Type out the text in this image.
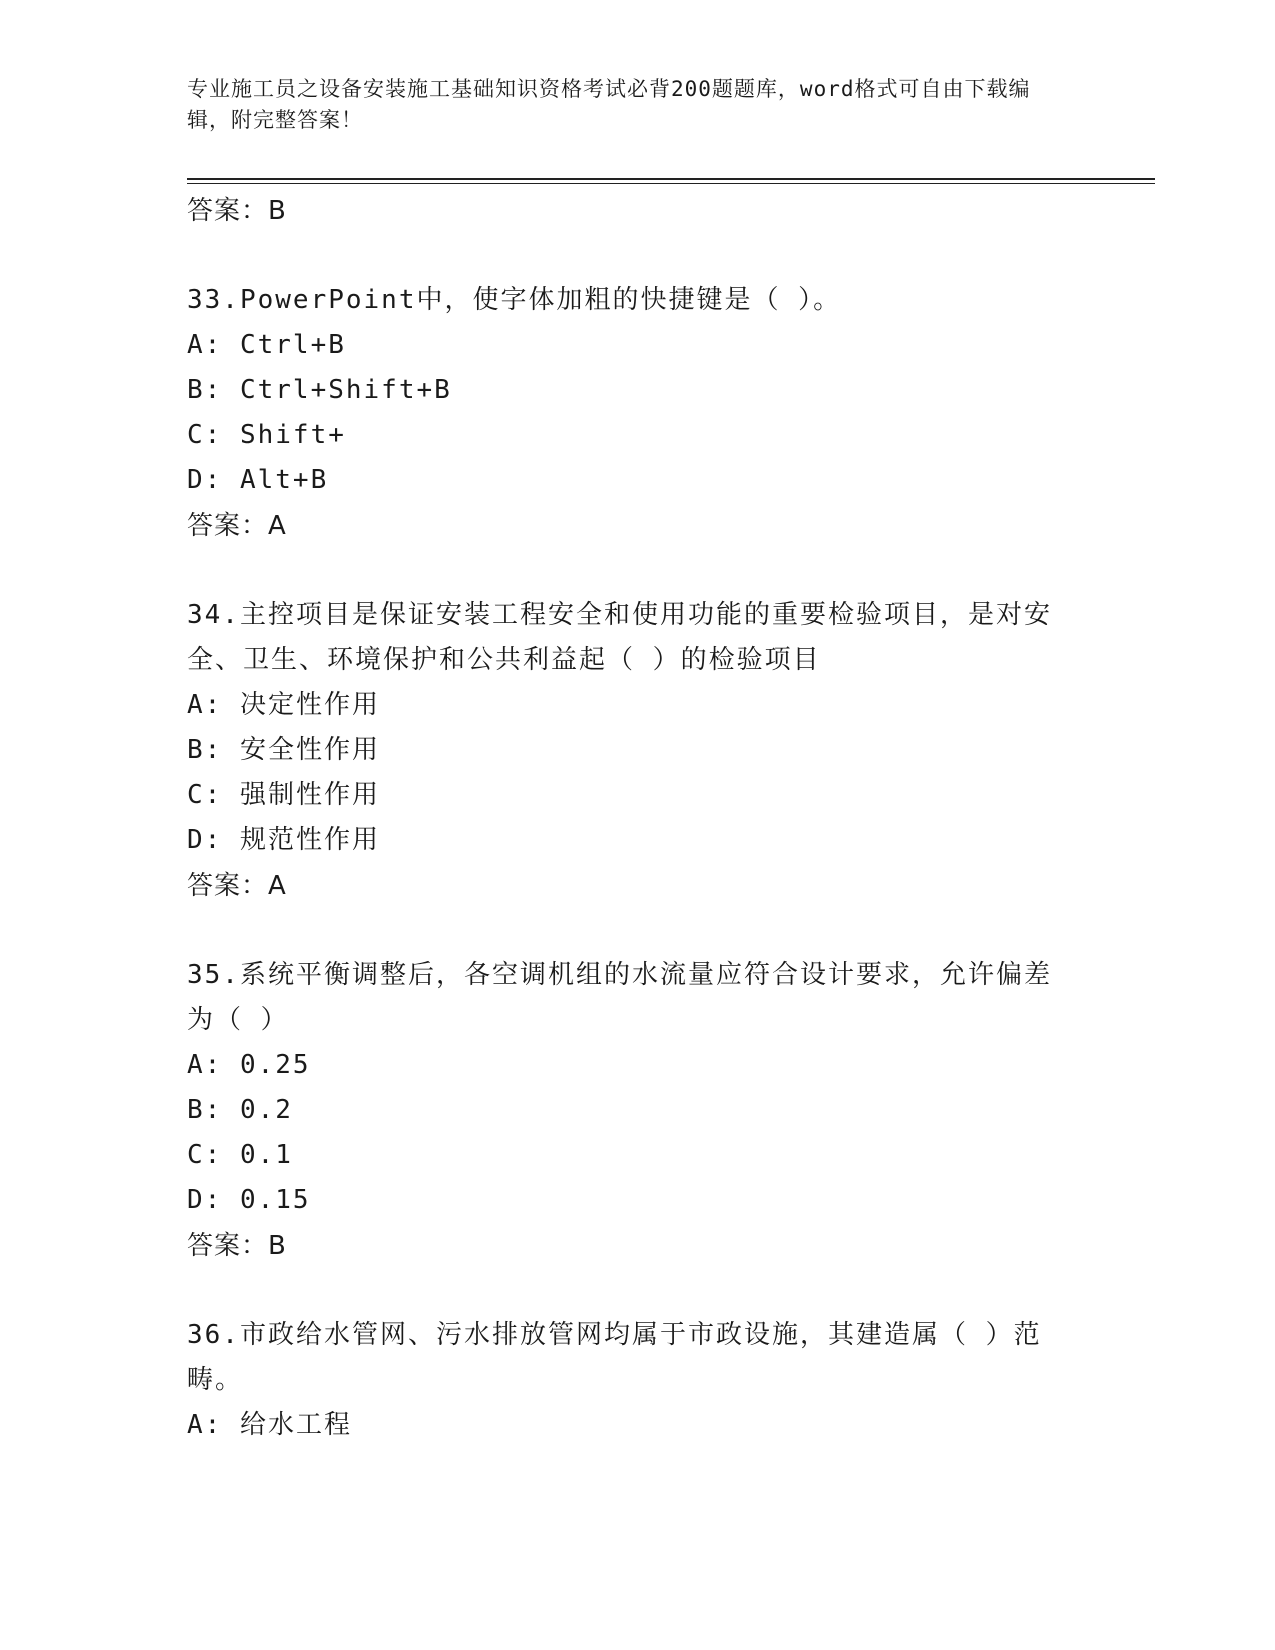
专业施工员之设备安装施工基础知识资格考试必背200题题库，word格式可自由下载编辑，附完整答案！
答案：B
33.PowerPoint中，使字体加粗的快捷键是（ ）。
A: Ctrl+B
B: Ctrl+Shift+B
C: Shift+
D: Alt+B
答案：A
34.主控项目是保证安装工程安全和使用功能的重要检验项目，是对安全、卫生、环境保护和公共利益起（ ）的检验项目
A: 决定性作用
B: 安全性作用
C: 强制性作用
D: 规范性作用
答案：A
35.系统平衡调整后，各空调机组的水流量应符合设计要求，允许偏差为（ ）
A: 0.25
B: 0.2
C: 0.1
D: 0.15
答案：B
36.市政给水管网、污水排放管网均属于市政设施，其建造属（ ）范畴。
A: 给水工程
